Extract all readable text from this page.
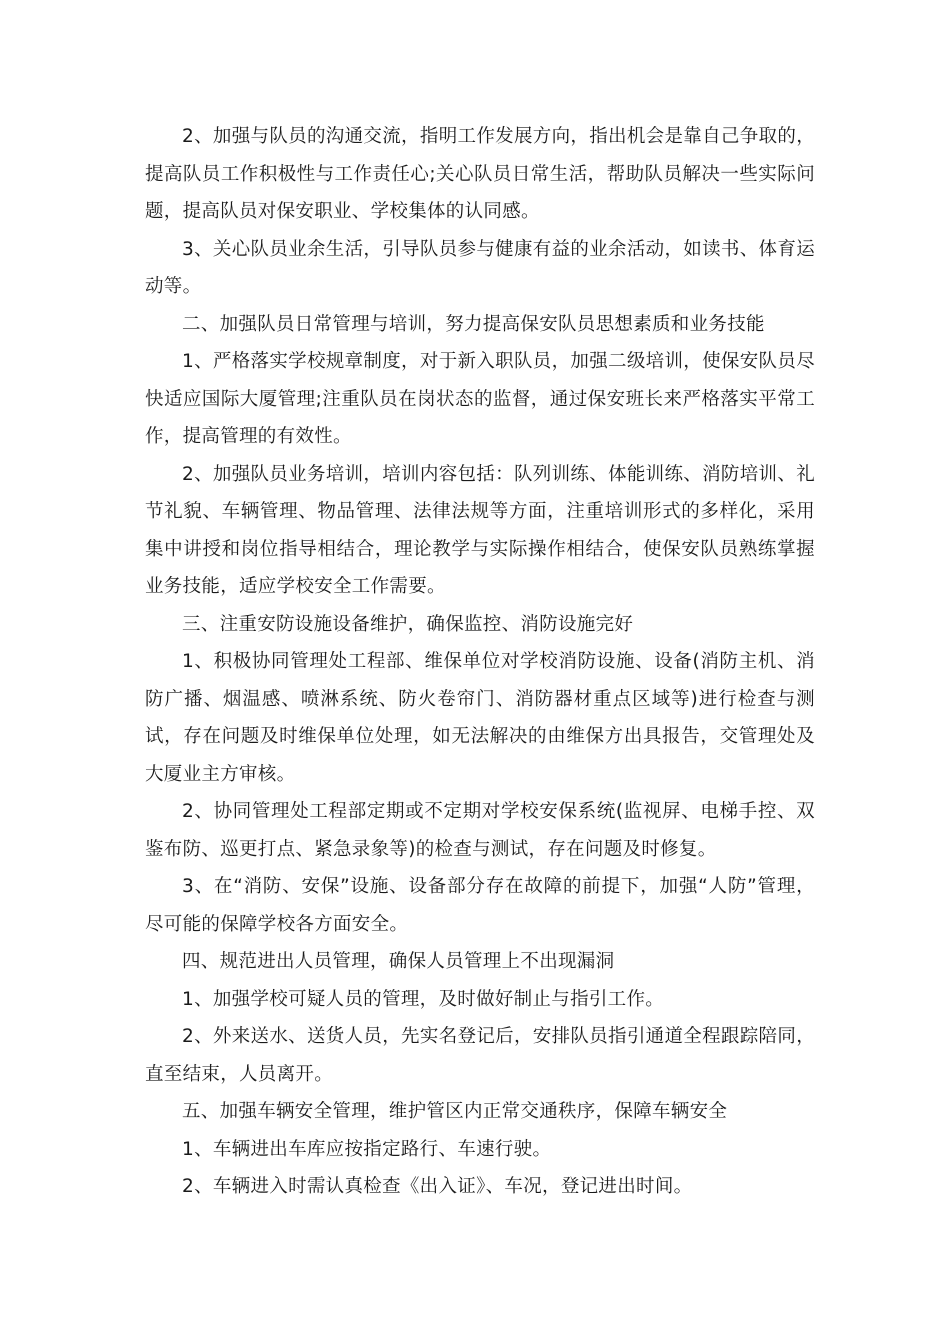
2、加强与队员的沟通交流，指明工作发展方向，指出机会是靠自己争取的，提高队员工作积极性与工作责任心;关心队员日常生活，帮助队员解决一些实际问题，提高队员对保安职业、学校集体的认同感。

3、关心队员业余生活，引导队员参与健康有益的业余活动，如读书、体育运动等。

二、加强队员日常管理与培训，努力提高保安队员思想素质和业务技能

1、严格落实学校规章制度，对于新入职队员，加强二级培训，使保安队员尽快适应国际大厦管理;注重队员在岗状态的监督，通过保安班长来严格落实平常工作，提高管理的有效性。

2、加强队员业务培训，培训内容包括：队列训练、体能训练、消防培训、礼节礼貌、车辆管理、物品管理、法律法规等方面，注重培训形式的多样化，采用集中讲授和岗位指导相结合，理论教学与实际操作相结合，使保安队员熟练掌握业务技能，适应学校安全工作需要。

三、注重安防设施设备维护，确保监控、消防设施完好

1、积极协同管理处工程部、维保单位对学校消防设施、设备(消防主机、消防广播、烟温感、喷淋系统、防火卷帘门、消防器材重点区域等)进行检查与测试，存在问题及时维保单位处理，如无法解决的由维保方出具报告，交管理处及大厦业主方审核。

2、协同管理处工程部定期或不定期对学校安保系统(监视屏、电梯手控、双鉴布防、巡更打点、紧急录象等)的检查与测试，存在问题及时修复。

3、在“消防、安保”设施、设备部分存在故障的前提下，加强“人防”管理，尽可能的保障学校各方面安全。

四、规范进出人员管理，确保人员管理上不出现漏洞

1、加强学校可疑人员的管理，及时做好制止与指引工作。

2、外来送水、送货人员，先实名登记后，安排队员指引通道全程跟踪陪同，直至结束，人员离开。

五、加强车辆安全管理，维护管区内正常交通秩序，保障车辆安全

1、车辆进出车库应按指定路行、车速行驶。

2、车辆进入时需认真检查《出入证》、车况，登记进出时间。
